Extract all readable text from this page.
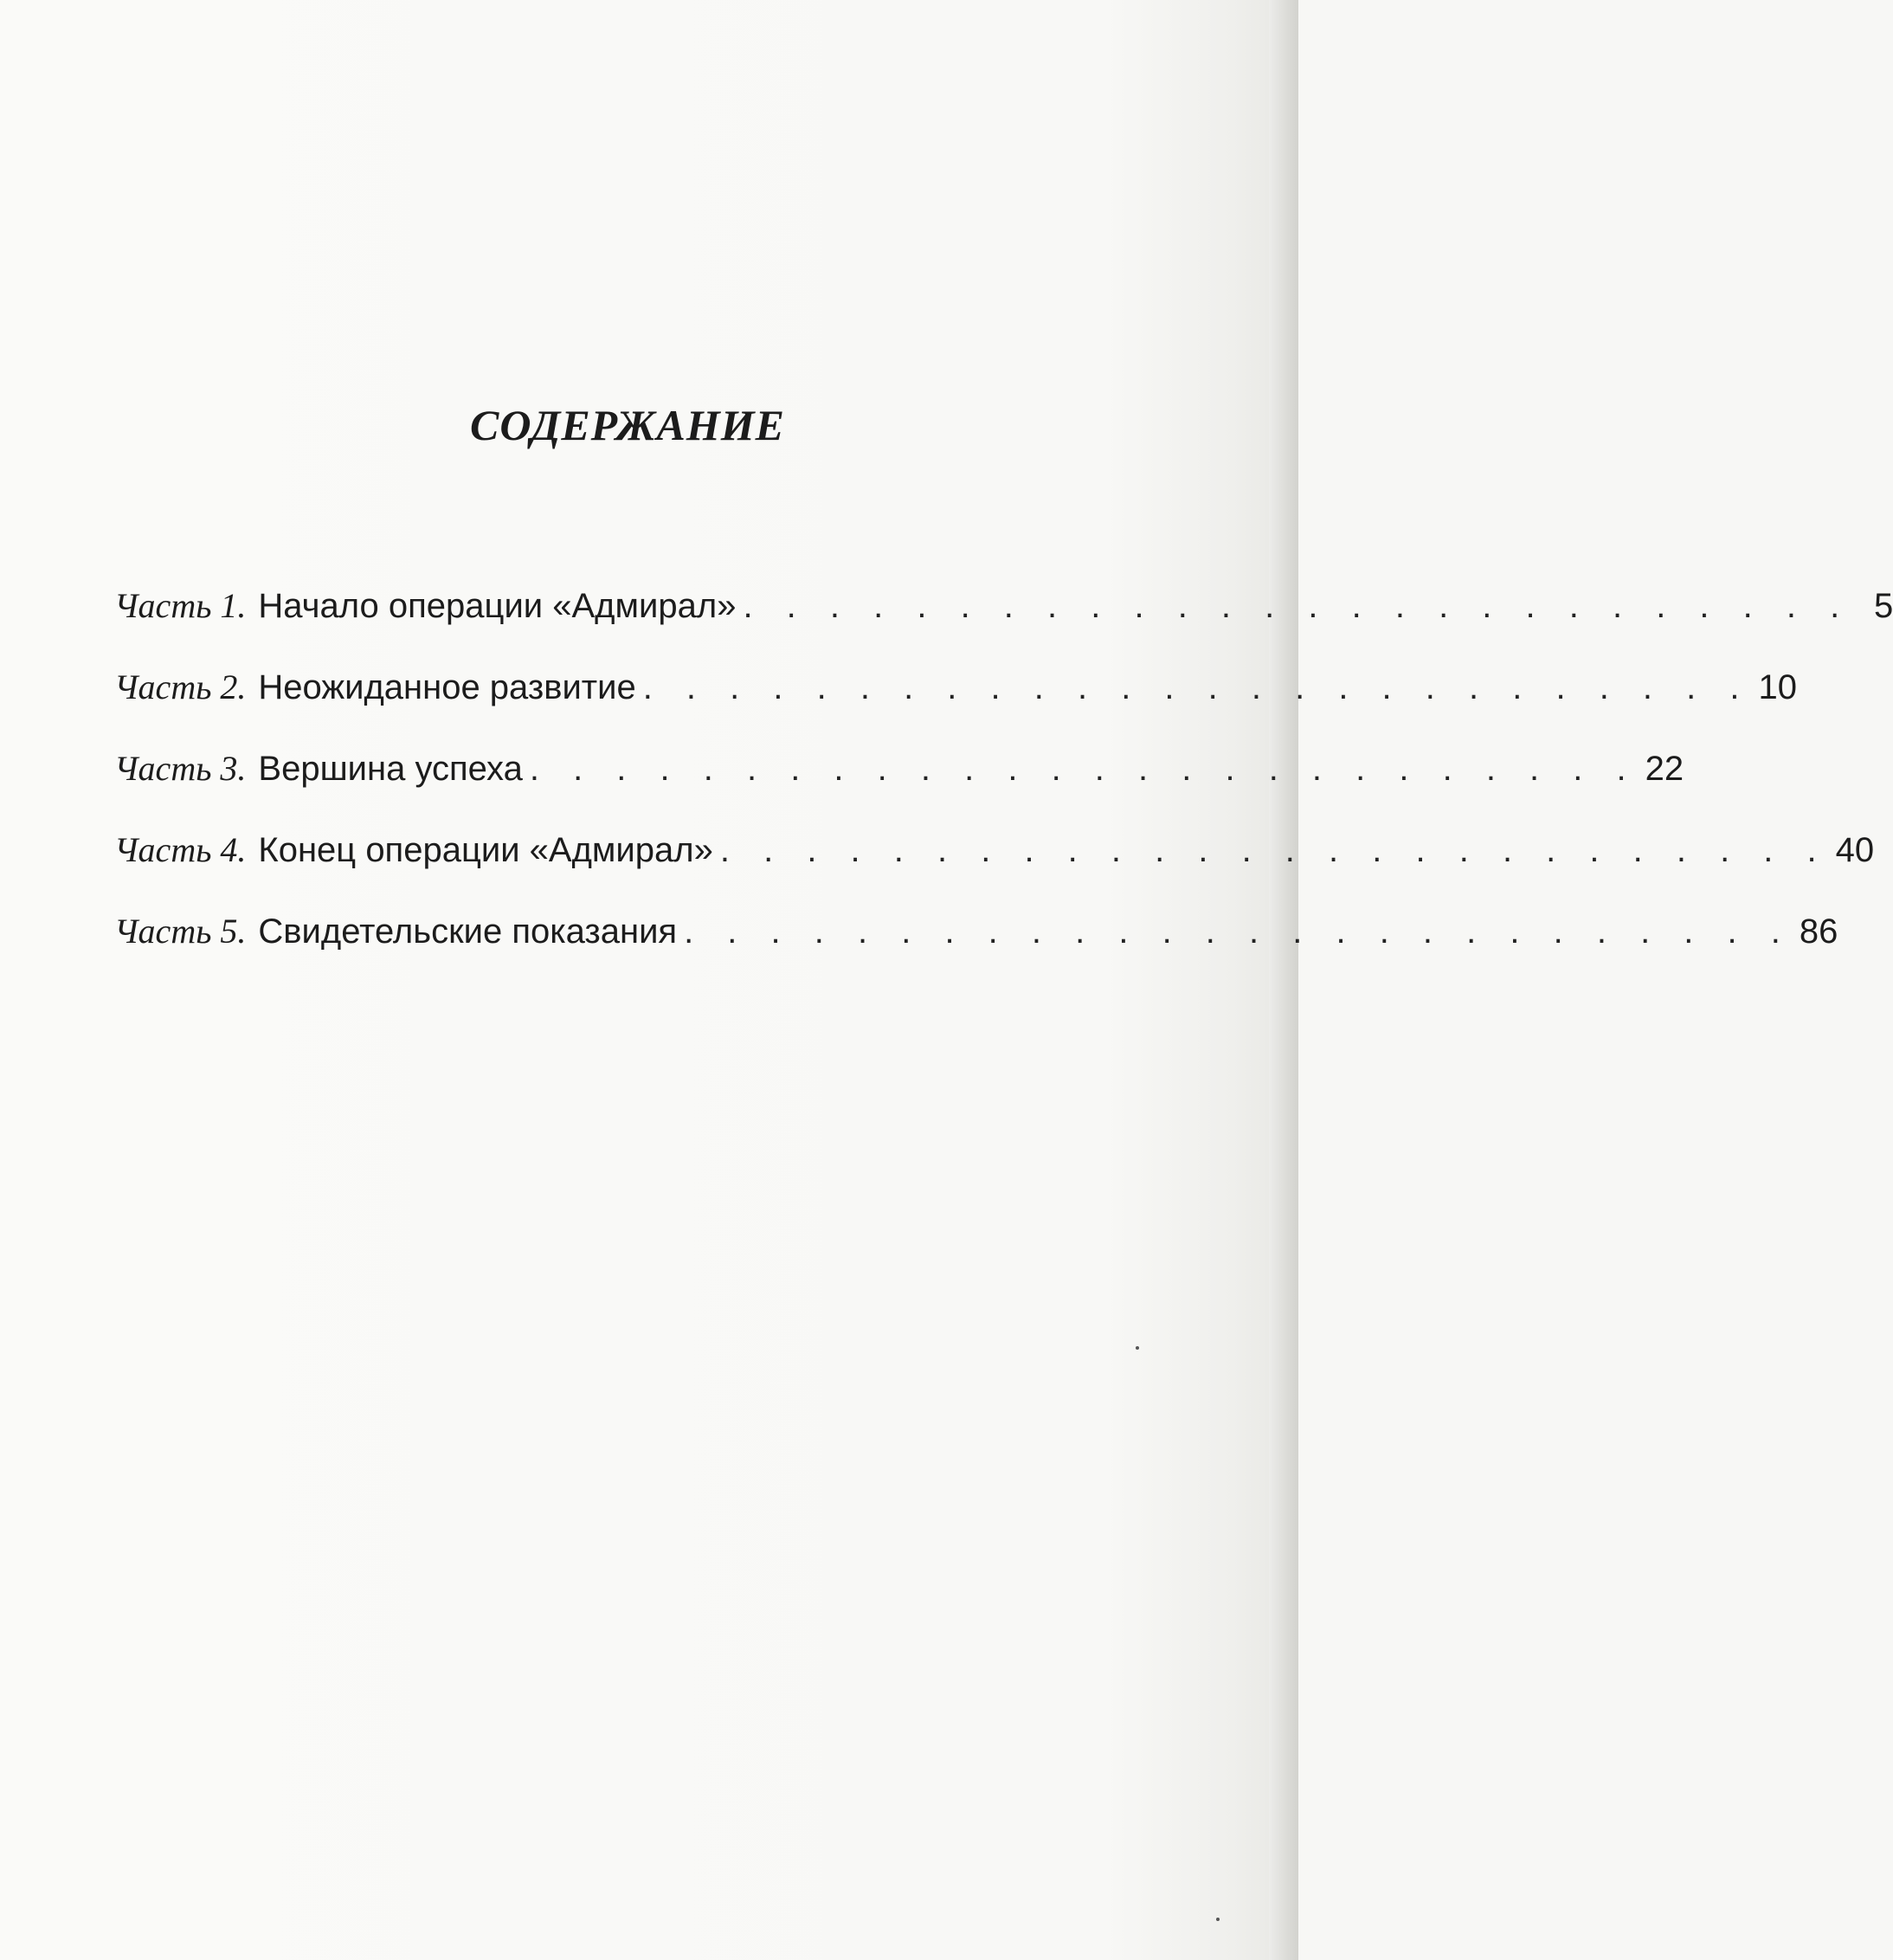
СОДЕРЖАНИЕ
Часть 1. Начало операции «Адмирал» . . . . . . . . . . . . . . . . . . . . . . . . . . 5
Часть 2. Неожиданное развитие . . . . . . . . . . . . . . . . . . . . . . . . . . 10
Часть 3. Вершина успеха . . . . . . . . . . . . . . . . . . . . . . . . . . 22
Часть 4. Конец операции «Адмирал» . . . . . . . . . . . . . . . . . . . . . . . . . . 40
Часть 5. Свидетельские показания . . . . . . . . . . . . . . . . . . . . . . . . . . 86
